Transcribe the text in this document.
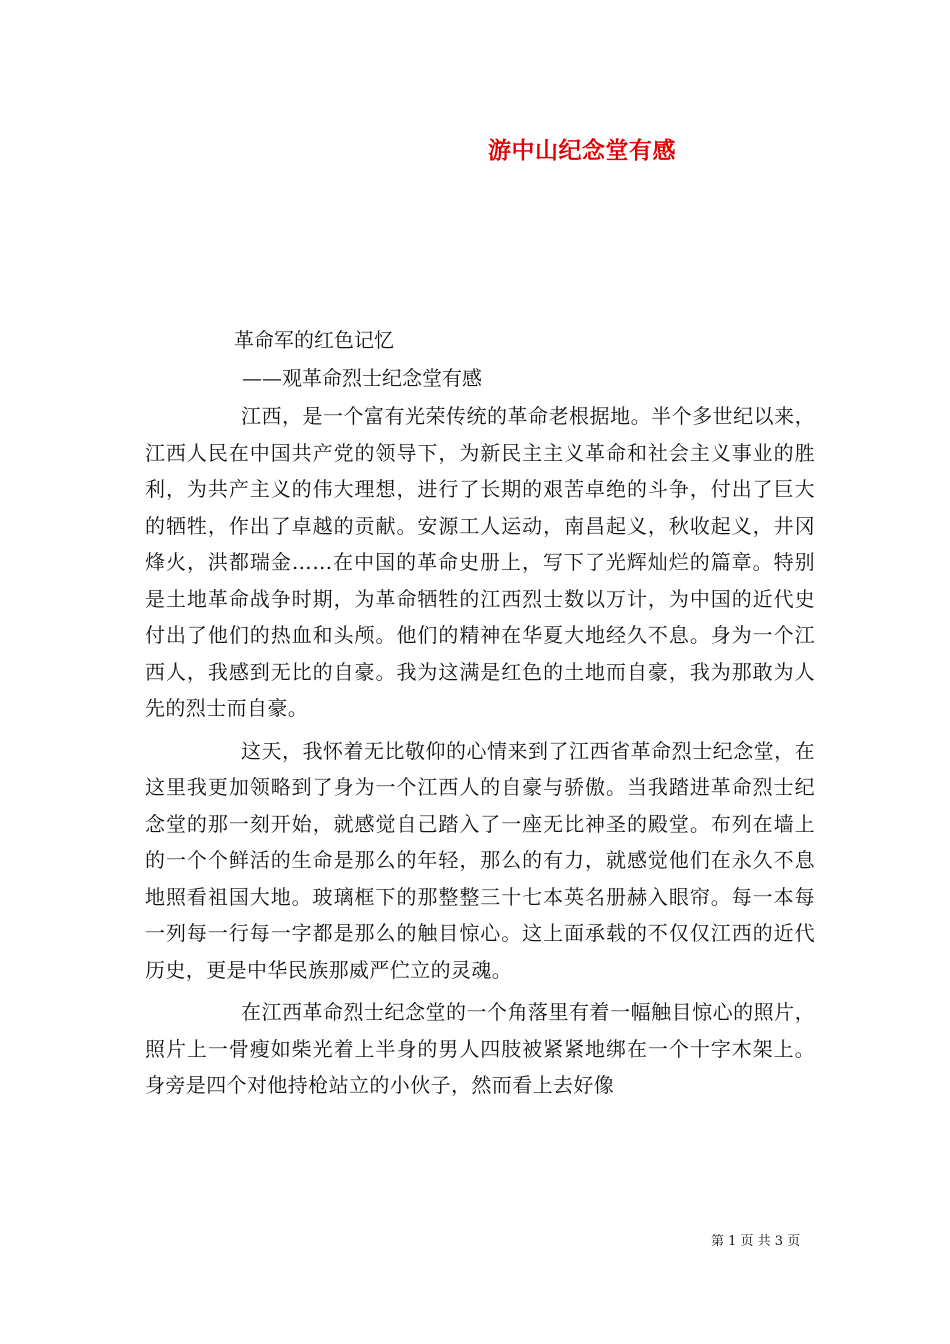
游中山纪念堂有感
革命军的红色记忆
——观革命烈士纪念堂有感

江西，是一个富有光荣传统的革命老根据地。半个多世纪以来，江西人民在中国共产党的领导下，为新民主主义革命和社会主义事业的胜利，为共产主义的伟大理想，进行了长期的艰苦卓绝的斗争，付出了巨大的牺牲，作出了卓越的贡献。安源工人运动，南昌起义，秋收起义，井冈烽火，洪都瑞金……在中国的革命史册上，写下了光辉灿烂的篇章。特别是土地革命战争时期，为革命牺牲的江西烈士数以万计，为中国的近代史付出了他们的热血和头颅。他们的精神在华夏大地经久不息。身为一个江西人，我感到无比的自豪。我为这满是红色的土地而自豪，我为那敢为人先的烈士而自豪。

这天，我怀着无比敬仰的心情来到了江西省革命烈士纪念堂，在这里我更加领略到了身为一个江西人的自豪与骄傲。当我踏进革命烈士纪念堂的那一刻开始，就感觉自己踏入了一座无比神圣的殿堂。布列在墙上的一个个鲜活的生命是那么的年轻，那么的有力，就感觉他们在永久不息地照看祖国大地。玻璃框下的那整整三十七本英名册赫入眼帘。每一本每一列每一行每一字都是那么的触目惊心。这上面承载的不仅仅江西的近代历史，更是中华民族那威严伫立的灵魂。

在江西革命烈士纪念堂的一个角落里有着一幅触目惊心的照片，照片上一骨瘦如柴光着上半身的男人四肢被紧紧地绑在一个十字木架上。身旁是四个对他持枪站立的小伙子，然而看上去好像

第 1 页 共 3 页
